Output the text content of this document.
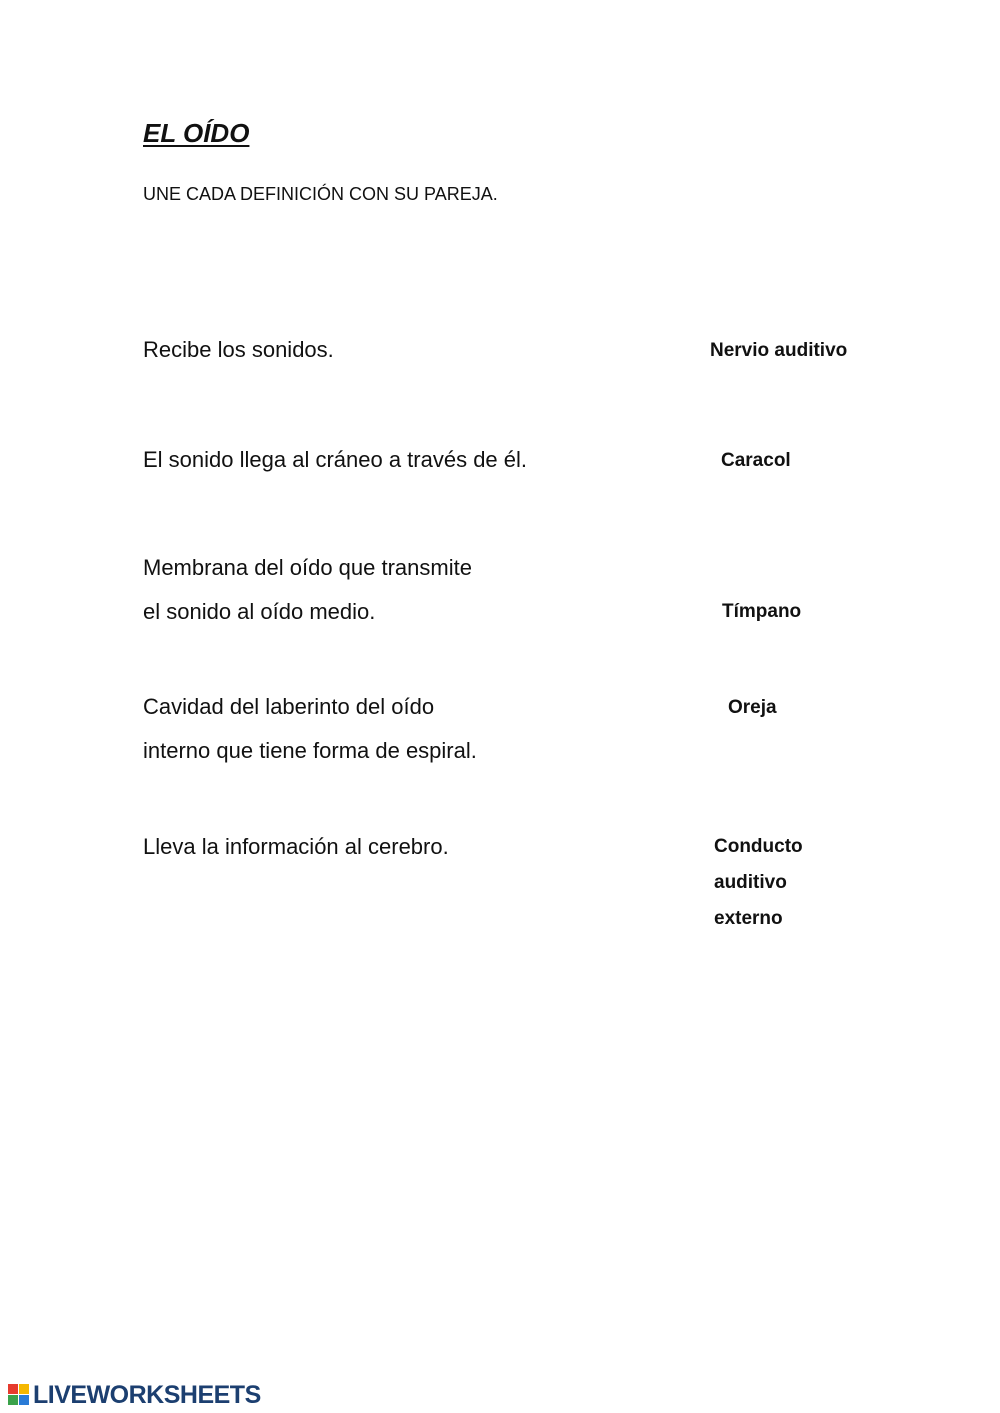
EL OÍDO
UNE CADA DEFINICIÓN CON SU PAREJA.
Recibe los sonidos.
El sonido llega al cráneo a través de él.
Membrana del oído que transmite
el sonido al oído medio.
Cavidad del laberinto del oído
interno que tiene forma de espiral.
Lleva la información al cerebro.
Nervio auditivo
Caracol
Tímpano
Oreja
Conducto
auditivo
externo
LIVEWORKSHEETS
